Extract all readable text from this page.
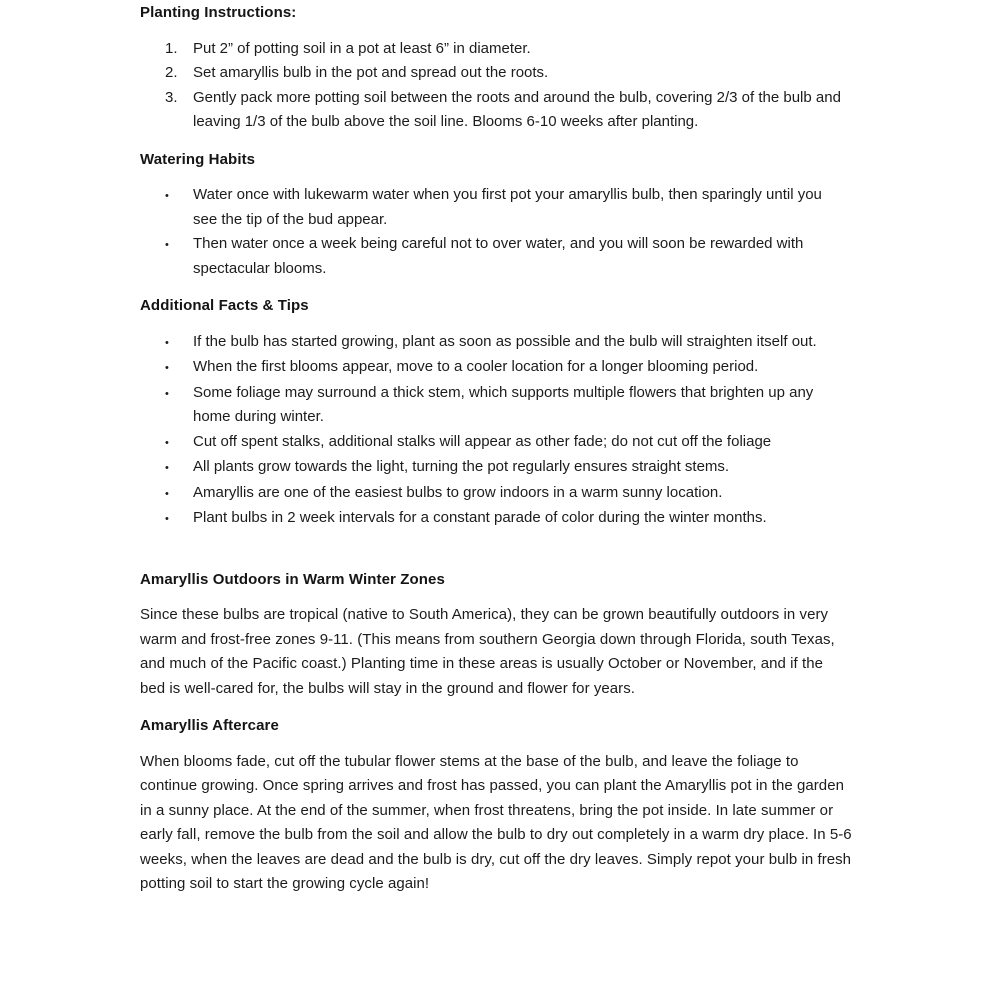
Planting Instructions:
1.	Put 2” of potting soil in a pot at least 6” in diameter.
2.	Set amaryllis bulb in the pot and spread out the roots.
3.	Gently pack more potting soil between the roots and around the bulb, covering 2/3 of the bulb and leaving 1/3 of the bulb above the soil line. Blooms 6-10 weeks after planting.
Watering Habits
•	Water once with lukewarm water when you first pot your amaryllis bulb, then sparingly until you see the tip of the bud appear.
•	Then water once a week being careful not to over water, and you will soon be rewarded with spectacular blooms.
Additional Facts & Tips
•	If the bulb has started growing, plant as soon as possible and the bulb will straighten itself out.
•	When the first blooms appear, move to a cooler location for a longer blooming period.
•	Some foliage may surround a thick stem, which supports multiple flowers that brighten up any home during winter.
•	Cut off spent stalks, additional stalks will appear as other fade; do not cut off the foliage
•	All plants grow towards the light, turning the pot regularly ensures straight stems.
•	Amaryllis are one of the easiest bulbs to grow indoors in a warm sunny location.
•	Plant bulbs in 2 week intervals for a constant parade of color during the winter months.
Amaryllis Outdoors in Warm Winter Zones

Since these bulbs are tropical (native to South America), they can be grown beautifully outdoors in very warm and frost-free zones 9-11. (This means from southern Georgia down through Florida, south Texas, and much of the Pacific coast.) Planting time in these areas is usually October or November, and if the bed is well-cared for, the bulbs will stay in the ground and flower for years.

Amaryllis Aftercare

When blooms fade, cut off the tubular flower stems at the base of the bulb, and leave the foliage to continue growing. Once spring arrives and frost has passed, you can plant the Amaryllis pot in the garden in a sunny place. At the end of the summer, when frost threatens, bring the pot inside. In late summer or early fall, remove the bulb from the soil and allow the bulb to dry out completely in a warm dry place. In 5-6 weeks, when the leaves are dead and the bulb is dry, cut off the dry leaves. Simply repot your bulb in fresh potting soil to start the growing cycle again!
